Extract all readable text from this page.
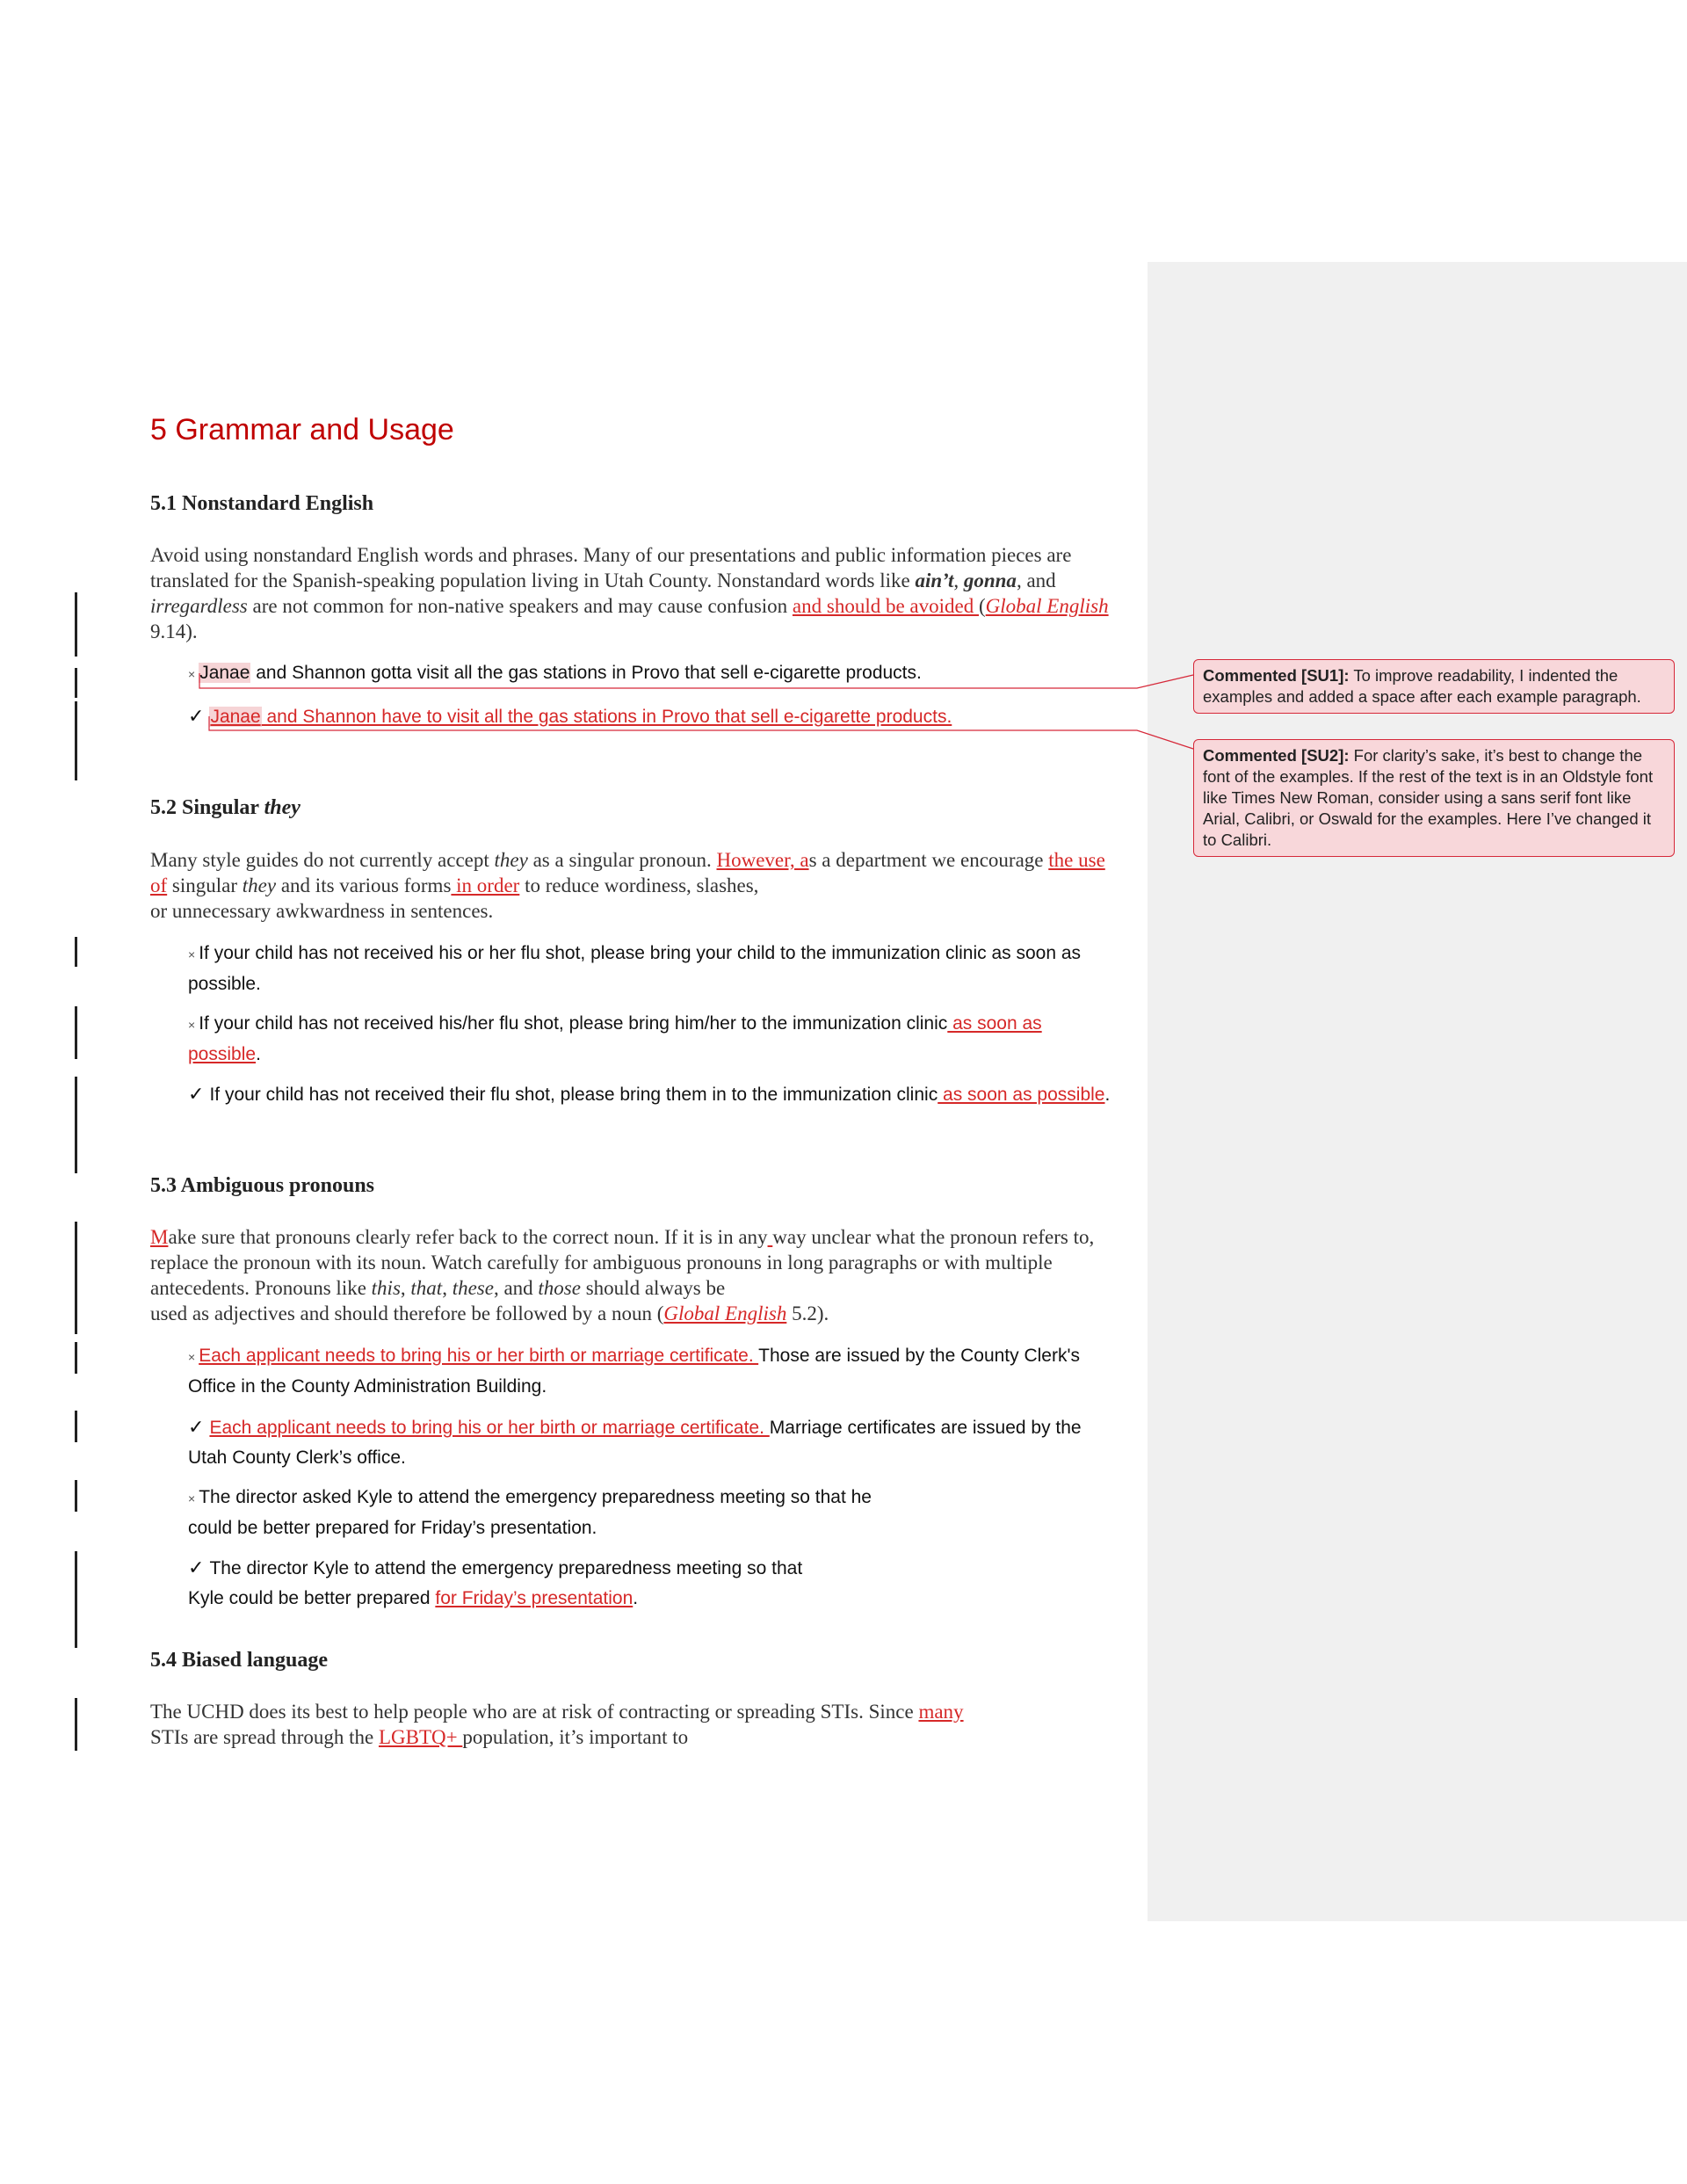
5 Grammar and Usage
5.1 Nonstandard English
Avoid using nonstandard English words and phrases. Many of our presentations and public information pieces are translated for the Spanish-speaking population living in Utah County. Nonstandard words like ain’t, gonna, and irregardless are not common for non-native speakers and may cause confusion and should be avoided (Global English 9.14).
× Janae and Shannon gotta visit all the gas stations in Provo that sell e-cigarette products.
✓ Janae and Shannon have to visit all the gas stations in Provo that sell e-cigarette products.
5.2 Singular they
Many style guides do not currently accept they as a singular pronoun. However, as a department we encourage the use of singular they and its various forms in order to reduce wordiness, slashes,
or unnecessary awkwardness in sentences.
× If your child has not received his or her flu shot, please bring your child to the immunization clinic as soon as possible.
× If your child has not received his/her flu shot, please bring him/her to the immunization clinic as soon as possible.
✓ If your child has not received their flu shot, please bring them in to the immunization clinic as soon as possible.
5.3 Ambiguous pronouns
Make sure that pronouns clearly refer back to the correct noun. If it is in any way unclear what the pronoun refers to, replace the pronoun with its noun. Watch carefully for ambiguous pronouns in long paragraphs or with multiple antecedents. Pronouns like this, that, these, and those should always be
used as adjectives and should therefore be followed by a noun (Global English 5.2).
× Each applicant needs to bring his or her birth or marriage certificate. Those are issued by the County Clerk's Office in the County Administration Building.
✓ Each applicant needs to bring his or her birth or marriage certificate. Marriage certificates are issued by the Utah County Clerk’s office.
× The director asked Kyle to attend the emergency preparedness meeting so that he
could be better prepared for Friday’s presentation.
✓ The director Kyle to attend the emergency preparedness meeting so that
Kyle could be better prepared for Friday’s presentation.
5.4 Biased language
The UCHD does its best to help people who are at risk of contracting or spreading STIs. Since many
STIs are spread through the LGBTQ+ population, it’s important to
Commented [SU1]: To improve readability, I indented the examples and added a space after each example paragraph.
Commented [SU2]: For clarity’s sake, it’s best to change the font of the examples. If the rest of the text is in an Oldstyle font like Times New Roman, consider using a sans serif font like Arial, Calibri, or Oswald for the examples. Here I’ve changed it to Calibri.
